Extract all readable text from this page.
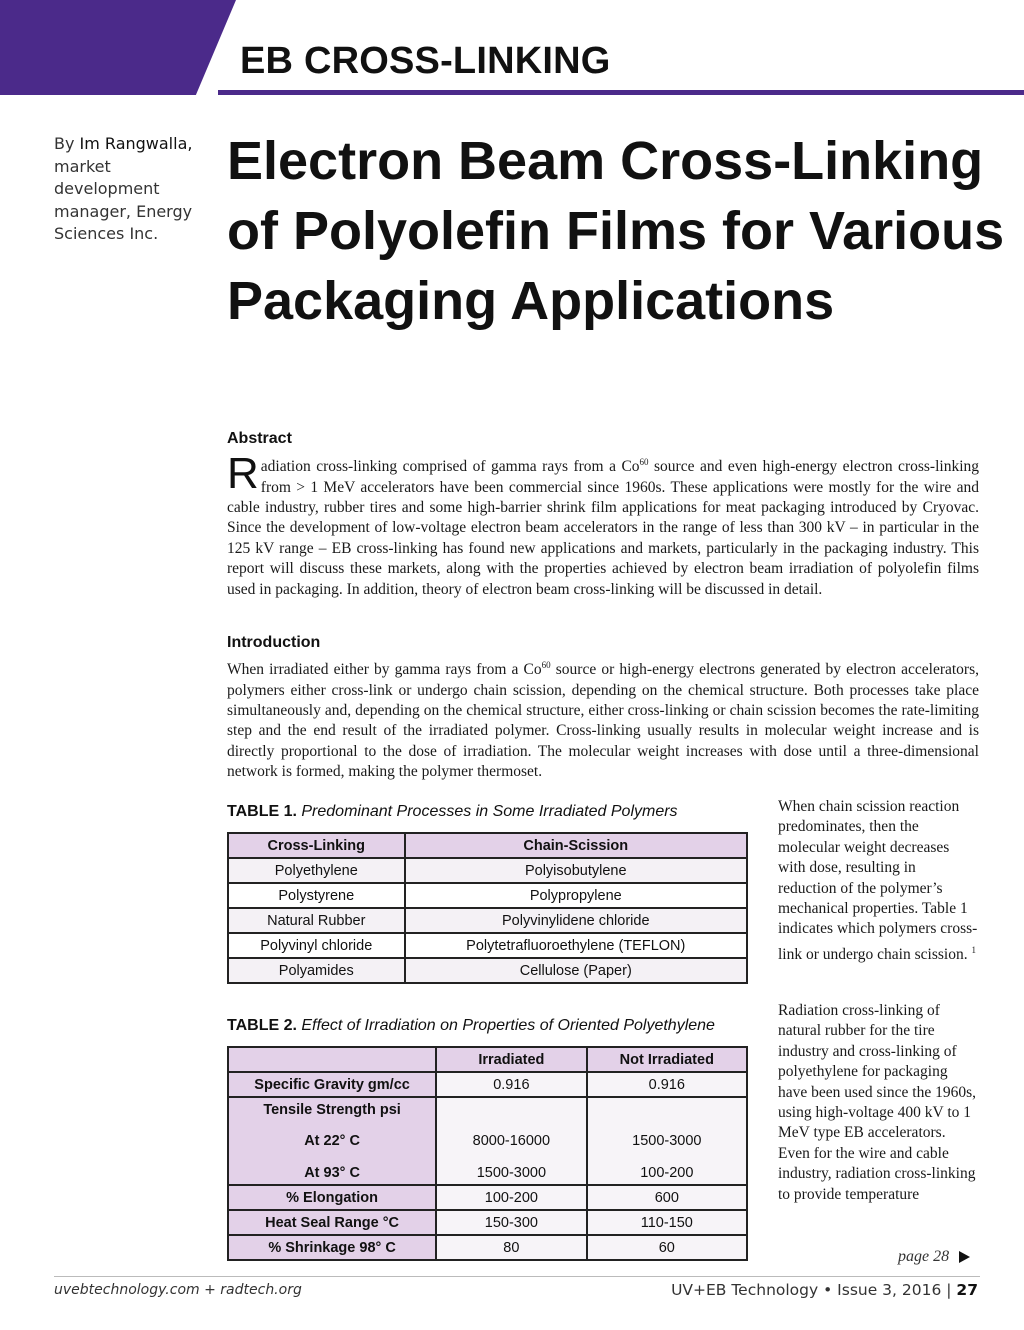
EB CROSS-LINKING
By Im Rangwalla, market development manager, Energy Sciences Inc.
Electron Beam Cross-Linking of Polyolefin Films for Various Packaging Applications
Abstract
Radiation cross-linking comprised of gamma rays from a Co$^{60}$ source and even high-energy electron cross-linking from > 1 MeV accelerators have been commercial since 1960s. These applications were mostly for the wire and cable industry, rubber tires and some high-barrier shrink film applications for meat packaging introduced by Cryovac. Since the development of low-voltage electron beam accelerators in the range of less than 300 kV – in particular in the 125 kV range – EB cross-linking has found new applications and markets, particularly in the packaging industry. This report will discuss these markets, along with the properties achieved by electron beam irradiation of polyolefin films used in packaging. In addition, theory of electron beam cross-linking will be discussed in detail.
Introduction
When irradiated either by gamma rays from a Co$^{60}$ source or high-energy electrons generated by electron accelerators, polymers either cross-link or undergo chain scission, depending on the chemical structure. Both processes take place simultaneously and, depending on the chemical structure, either cross-linking or chain scission becomes the rate-limiting step and the end result of the irradiated polymer. Cross-linking usually results in molecular weight increase and is directly proportional to the dose of irradiation. The molecular weight increases with dose until a three-dimensional network is formed, making the polymer thermoset.
TABLE 1. Predominant Processes in Some Irradiated Polymers
Cross-Linking	Chain-Scission
Polyethylene	Polyisobutylene
Polystyrene	Polypropylene
Natural Rubber	Polyvinylidene chloride
Polyvinyl chloride	Polytetrafluoroethylene (TEFLON)
Polyamides	Cellulose (Paper)
TABLE 2. Effect of Irradiation on Properties of Oriented Polyethylene
	Irradiated	Not Irradiated
Specific Gravity gm/cc	0.916	0.916
Tensile Strength psi		
At 22° C	8000-16000	1500-3000
At 93° C	1500-3000	100-200
% Elongation	100-200	600
Heat Seal Range °C	150-300	110-150
% Shrinkage 98° C	80	60
When chain scission reaction predominates, then the molecular weight decreases with dose, resulting in reduction of the polymer’s mechanical properties. Table 1 indicates which polymers cross-link or undergo chain scission. $^1$
Radiation cross-linking of natural rubber for the tire industry and cross-linking of polyethylene for packaging have been used since the 1960s, using high-voltage 400 kV to 1 MeV type EB accelerators. Even for the wire and cable industry, radiation cross-linking to provide temperature
page 28
uvebtechnology.com + radtech.org	UV+EB Technology • Issue 3, 2016 | 27
